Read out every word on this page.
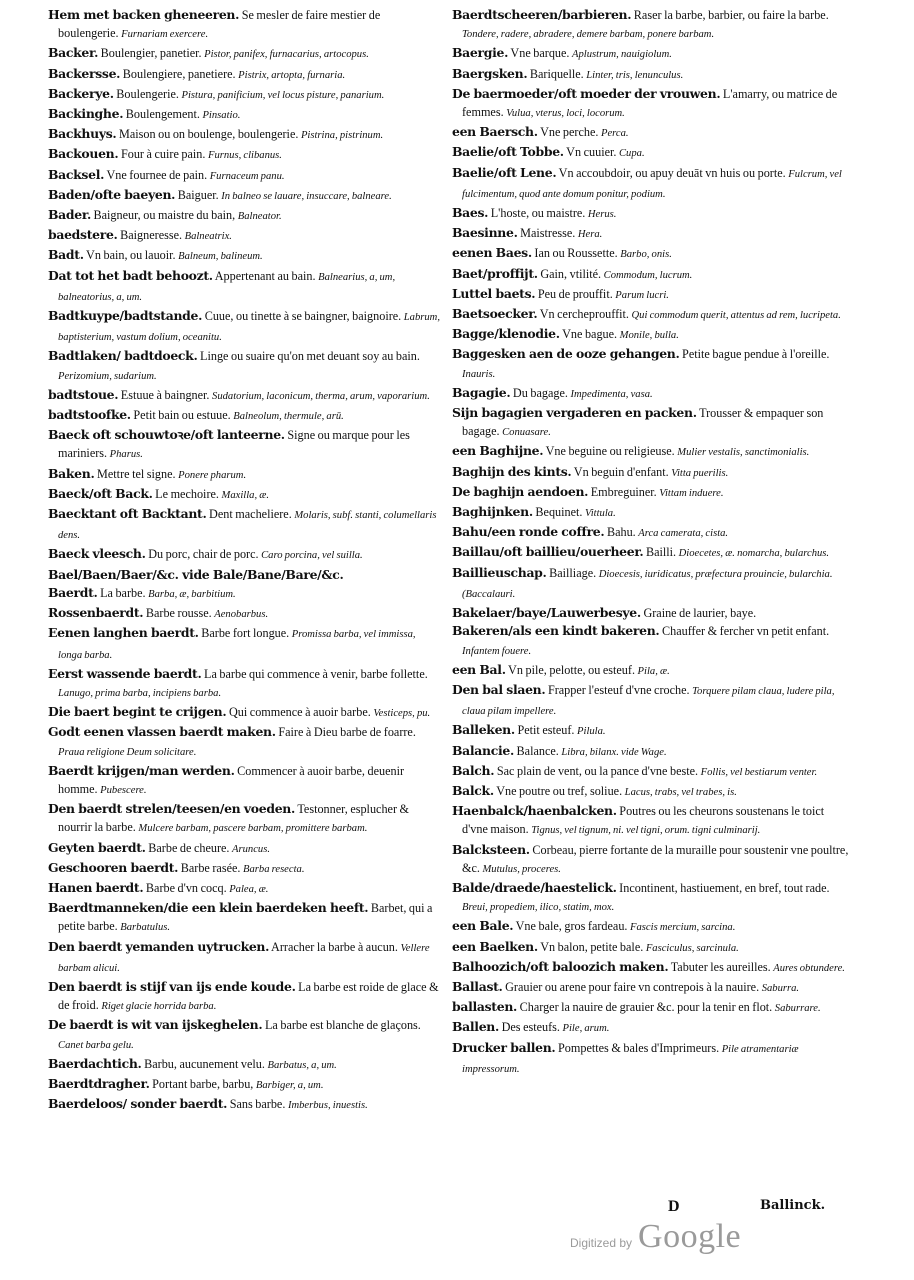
Hem met backen gheneeren. Se mesler de faire mestier de boulengerie. Furnariam exercere.

Backer. Boulengier, panetier. Pistor, panifex, furnacarius, artocopus.

Backersse. Boulengiere, panetiere. Pistrix, artopta, furnaria.

Backerye. Boulengerie. Pistura, panificium, vel locus pisture, panarium.

Backinghe. Boulengement. Pinsatio.

Backhuys. Maison ou on boulenge, boulengerie. Pistrina, pistrinum.

Backouen. Four à cuire pain. Furnus, clibanus.

Backsel. Vne fournee de pain. Furnaceum panu.

Baden/ofte baeyen. Baiguer. In balneo se lauare, insuccare, balneare.

Bader. Baigneur, ou maistre du bain, Balneator.

baedstere. Baigneresse. Balneatrix.

Badt. Vn bain, ou lauoir. Balneum, balineum.

Dat tot het badt behoozt. Appertenant au bain. Balnearius, a, um, balneatorius, a, um.

Badtkuype/badtstande. Cuue, ou tinette à se baingner, baignoire. Labrum, baptisterium, vastum dolium, oceanitu.

Badtlaken/ badtdoeck. Linge ou suaire qu'on met deuant soy au bain. Perizomium, sudarium.

badtstoue. Estuue à baingner. Sudatorium, laconicum, therma, arum, vaporarium.

badtstoofke. Petit bain ou estuue. Balneolum, thermule, arū.

Baeck oft schouwtoꝛe/oft lanteerne. Signe ou marque pour les mariniers. Pharus.

Baken. Mettre tel signe. Ponere pharum.

Baeck/oft Back. Le mechoire. Maxilla, æ.

Baecktant oft Backtant. Dent macheliere. Molaris, subf. stanti, columellaris dens.

Baeck vleesch. Du porc, chair de porc. Caro porcina, vel suilla.

Bael/Baen/Baer/&c. vide Bale/Bane/Bare/&c.

Baerdt. La barbe. Barba, æ, barbitium.

Rossenbaerdt. Barbe rousse. Aenobarbus.

Eenen langhen baerdt. Barbe fort longue. Promissa barba, vel immissa, longa barba.

Eerst wassende baerdt. La barbe qui commence à venir, barbe follette. Lanugo, prima barba, incipiens barba.

Die baert begint te crijgen. Qui commence à auoir barbe. Vesticeps, pu.

Godt eenen vlassen baerdt maken. Faire à Dieu barbe de foarre. Praua religione Deum solicitare.

Baerdt krijgen/man werden. Commencer à auoir barbe, deuenir homme. Pubescere.

Den baerdt strelen/teesen/en voeden. Testonner, esplucher & nourrir la barbe. Mulcere barbam, pascere barbam, promittere barbam.

Geyten baerdt. Barbe de cheure. Aruncus.

Geschooren baerdt. Barbe rasée. Barba resecta.

Hanen baerdt. Barbe d'vn cocq. Palea, æ.

Baerdtmanneken/die een klein baerdeken heeft. Barbet, qui a petite barbe. Barbatulus.

Den baerdt yemanden uytrucken. Arracher la barbe à aucun. Vellere barbam alicui.

Den baerdt is stijf van ijs ende koude. La barbe est roide de glace & de froid. Riget glacie horrida barba.

De baerdt is wit van ijskeghelen. La barbe est blanche de glaçons. Canet barba gelu.

Baerdachtich. Barbu, aucunement velu. Barbatus, a, um.

Baerdtdragher. Portant barbe, barbu, Barbiger, a, um.

Baerdeloos/ sonder baerdt. Sans barbe. Imberbus, inuestis.

Baerdtscheeren/barbieren. Raser la barbe, barbier, ou faire la barbe. Tondere, radere, abradere, demere barbam, ponere barbam.

Baergie. Vne barque. Aplustrum, nauigiolum.

Baergsken. Bariquelle. Linter, tris, lenunculus.

De baermoeder/oft moeder der vrouwen. L'amarry, ou matrice de femmes. Vulua, vterus, loci, locorum.

een Baersch. Vne perche. Perca.

Baelie/oft Tobbe. Vn cuuier. Cupa.

Baelie/oft Lene. Vn accoubdoir, ou apuy deuāt vn huis ou porte. Fulcrum, vel fulcimentum, quod ante domum ponitur, podium.

Baes. L'hoste, ou maistre. Herus.

Baesinne. Maistresse. Hera.

eenen Baes. Ian ou Roussette. Barbo, onis.

Baet/proffijt. Gain, vtilité. Commodum, lucrum.

Luttel baets. Peu de prouffit. Parum lucri.

Baetsoecker. Vn cercheprouffit. Qui commodum querit, attentus ad rem, lucripeta.

Bagge/klenodie. Vne bague. Monile, bulla.

Baggesken aen de ooze gehangen. Petite bague pendue à l'oreille. Inauris.

Bagagie. Du bagage. Impedimenta, vasa.

Sijn bagagien vergaderen en packen. Trousser & empaquer son bagage. Conuasare.

een Baghijne. Vne beguine ou religieuse. Mulier vestalis, sanctimonialis.

Baghijn des kints. Vn beguin d'enfant. Vitta puerilis.

De baghijn aendoen. Embreguiner. Vittam induere.

Baghijnken. Bequinet. Vittula.

Bahu/een ronde coffre. Bahu. Arca camerata, cista.

Baillau/oft baillieu/ouerheer. Bailli. Dioecetes, æ. nomarcha, bularchus.

Baillieuschap. Bailliage. Dioecesis, iuridicatus, præfectura prouincie, bularchia. (Baccalauri.

Bakelaer/baye/Lauwerbesye. Graine de laurier, baye.

Bakeren/als een kindt bakeren. Chauffer & fercher vn petit enfant. Infantem fouere.

een Bal. Vn pile, pelotte, ou esteuf. Pila, æ.

Den bal slaen. Frapper l'esteuf d'vne croche. Torquere pilam claua, ludere pila, claua pilam impellere.

Balleken. Petit esteuf. Pilula.

Balancie. Balance. Libra, bilanx. vide Wage.

Balch. Sac plain de vent, ou la pance d'vne beste. Follis, vel bestiarum venter.

Balck. Vne poutre ou tref, soliue. Lacus, trabs, vel trabes, is.

Haenbalck/haenbalcken. Poutres ou les cheurons soustenans le toict d'vne maison. Tignus, vel tignum, ni. vel tigni, orum. tigni culminarij.

Balcksteen. Corbeau, pierre fortante de la muraille pour soustenir vne poultre, &c. Mutulus, proceres.

Balde/draede/haestelick. Incontinent, hastiuement, en bref, tout rade. Breui, propediem, ilico, statim, mox.

een Bale. Vne bale, gros fardeau. Fascis mercium, sarcina.

een Baelken. Vn balon, petite bale. Fasciculus, sarcinula.

Balhoozich/oft baloozich maken. Tabuter les aureilles. Aures obtundere.

Ballast. Grauier ou arene pour faire vn contrepois à la nauire. Saburra.

ballasten. Charger la nauire de grauier &c. pour la tenir en flot. Saburrare.

Ballen. Des esteufs. Pile, arum.

Drucker ballen. Pompettes & bales d'Imprimeurs. Pile atramentariæ impressorum.

D	Ballinck.
Digitized by Google
